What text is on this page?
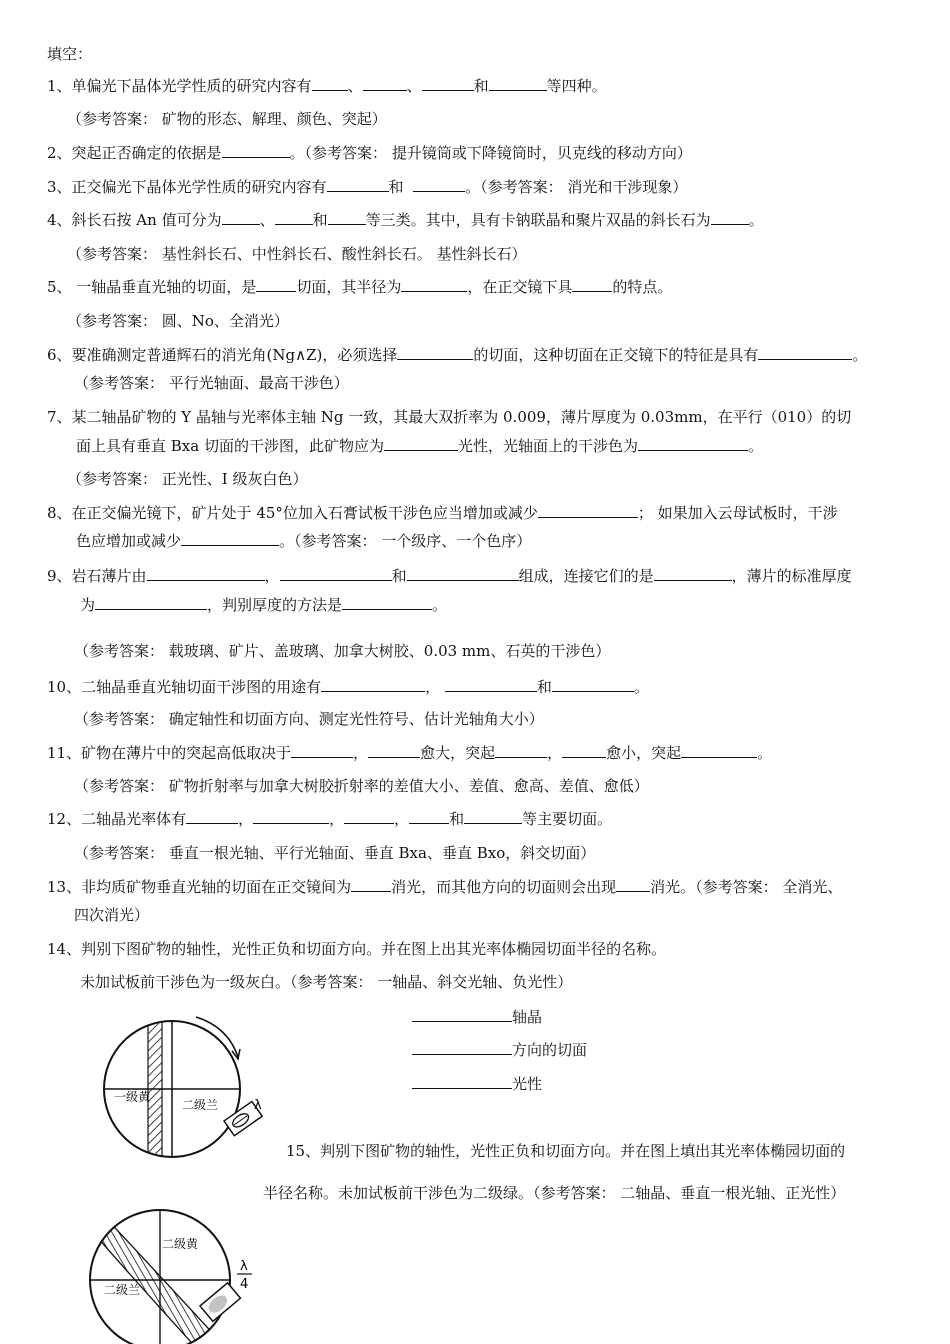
填空：
1、单偏光下晶体光学性质的研究内容有 、	、	和	等四种。
（参考答案： 矿物的形态、解理、颜色、突起）
2、突起正否确定的依据是	。（参考答案： 提升镜筒或下降镜筒时，贝克线的移动方向）
3、正交偏光下晶体光学性质的研究内容有	和	。（参考答案： 消光和干涉现象）
4、斜长石按 An 值可分为	、	和	等三类。其中，具有卡钠联晶和聚片双晶的斜长石为	。
（参考答案： 基性斜长石、中性斜长石、酸性斜长石。 基性斜长石）
5、 一轴晶垂直光轴的切面，是	切面，其半径为	，在正交镜下具	的特点。
（参考答案： 圆、No、全消光）
6、要准确测定普通辉石的消光角(Ng∧Z)，必须选择	的切面，这种切面在正交镜下的特征是具有	。
（参考答案： 平行光轴面、最高干涉色）
7、某二轴晶矿物的 Y 晶轴与光率体主轴 Ng 一致，其最大双折率为 0.009，薄片厚度为 0.03mm，在平行（010）的切
面上具有垂直 Bxa 切面的干涉图，此矿物应为	光性，光轴面上的干涉色为	。
（参考答案： 正光性、I 级灰白色）
8、在正交偏光镜下，矿片处于 45°位加入石膏试板干涉色应当增加或减少	； 如果加入云母试板时，干涉
色应增加或减少	。（参考答案： 一个级序、一个色序）
9、岩石薄片由	，	和	组成，连接它们的是	，薄片的标准厚度
为	，判别厚度的方法是	。
（参考答案： 载玻璃、矿片、盖玻璃、加拿大树胶、0.03 mm、石英的干涉色）
10、二轴晶垂直光轴切面干涉图的用途有	，	和	。
（参考答案： 确定轴性和切面方向、测定光性符号、估计光轴角大小）
11、矿物在薄片中的突起高低取决于	，	愈大，突起	，	愈小，突起	。
（参考答案： 矿物折射率与加拿大树胶折射率的差值大小、差值、愈高、差值、愈低）
12、二轴晶光率体有	，	，	，	和	等主要切面。
（参考答案： 垂直一根光轴、平行光轴面、垂直 Bxa、垂直 Bxo，斜交切面）
13、非均质矿物垂直光轴的切面在正交镜间为	消光，而其他方向的切面则会出现 消光。（参考答案： 全消光、
四次消光）
14、判别下图矿物的轴性，光性正负和切面方向。并在图上出其光率体椭园切面半径的名称。
未加试板前干涉色为一级灰白。（参考答案： 一轴晶、斜交光轴、负光性）
轴晶
方向的切面
光性
一级黄
二级兰	λ
15、判别下图矿物的轴性，光性正负和切面方向。并在图上填出其光率体椭园切面的
半径名称。未加试板前干涉色为二级绿。（参考答案： 二轴晶、垂直一根光轴、正光性）
二级黄
二级兰
λ
4
